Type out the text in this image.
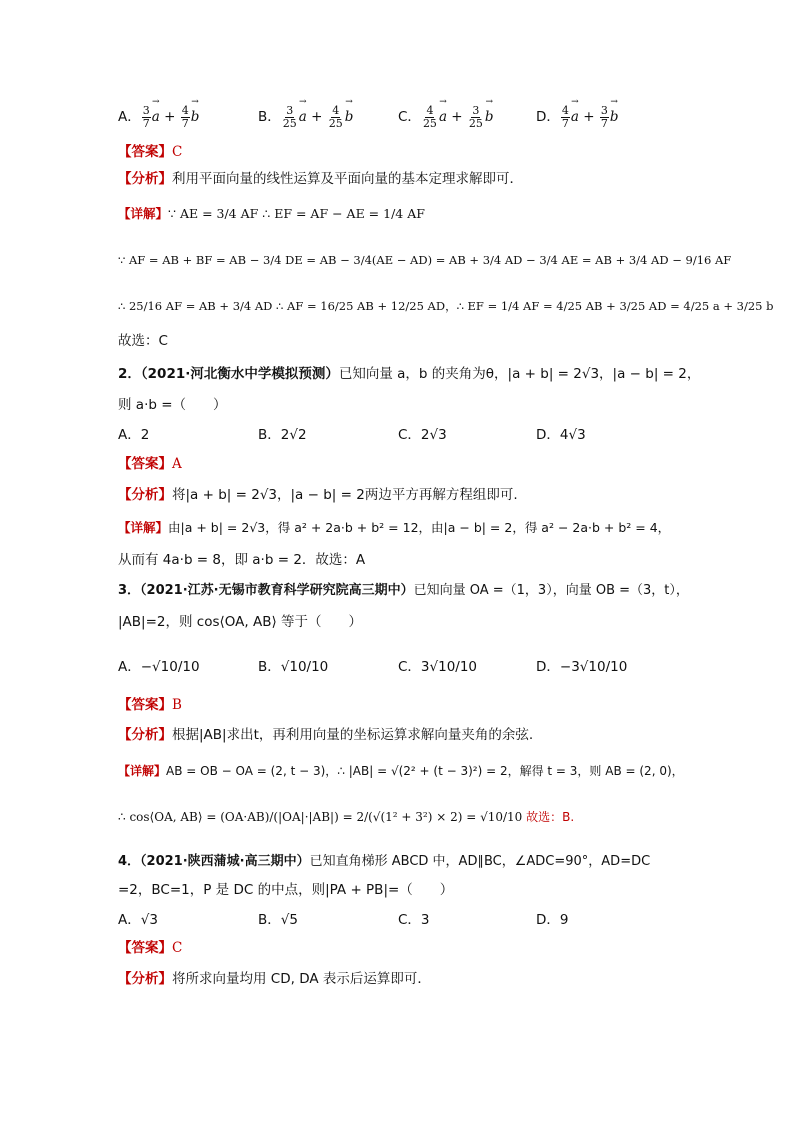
A． $\frac{3}{7}$
→ $a + \frac{4}{7}$
→ b	B． $\frac{3}{25}$
→ $a + \frac{4}{25}$
→ b	C． $\frac{4}{25}$
→ $a + \frac{3}{25}$
→ b	D． $\frac{4}{7}$
→ $a + \frac{3}{7}$
→ b
【答案】C
【分析】利用平面向量的线性运算及平面向量的基本定理求解即可．
【详解】∵ AE = 3/4 AF ∴ EF = AF − AE = 1/4 AF
∵ AF = AB + BF = AB − 3/4 DE = AB − 3/4(AE − AD) = AB + 3/4 AD − 3/4 AE = AB + 3/4 AD − 9/16 AF
∴ 25/16 AF = AB + 3/4 AD ∴ AF = 16/25 AB + 12/25 AD，∴ EF = 1/4 AF = 4/25 AB + 3/25 AD = 4/25 a + 3/25 b
故选：C
2．（2021·河北衡水中学模拟预测）已知向量 a，b 的夹角为θ，|a + b| = 2√3，|a − b| = 2，
则 a·b =（　　）
A．2	B．2√2	C．2√3	D．4√3
【答案】A
【分析】将|a + b| = 2√3，|a − b| = 2两边平方再解方程组即可.
【详解】由|a + b| = 2√3，得 a² + 2a·b + b² = 12，由|a − b| = 2，得 a² − 2a·b + b² = 4，
从而有 4a·b = 8，即 a·b = 2．故选：A
3．（2021·江苏·无锡市教育科学研究院高三期中）已知向量 OA =（1，3），向量 OB =（3，t），
|AB|=2，则 cos⟨OA, AB⟩ 等于（　　）
A．−√10/10	B．√10/10	C．3√10/10	D．−3√10/10
【答案】B
【分析】根据|AB|求出t，再利用向量的坐标运算求解向量夹角的余弦.
【详解】AB = OB − OA = (2, t − 3)，∴ |AB| = √(2² + (t − 3)²) = 2，解得 t = 3，则 AB = (2, 0)，
∴ cos⟨OA, AB⟩ = (OA·AB)/(|OA|·|AB|) = 2/(√(1² + 3²) × 2) = √10/10 故选：B.
4．（2021·陕西蒲城·高三期中）已知直角梯形 ABCD 中，AD∥BC，∠ADC=90°，AD=DC
=2，BC=1，P 是 DC 的中点，则|PA + PB|=（　　）
A．√3	B．√5	C．3	D．9
【答案】C
【分析】将所求向量均用 CD, DA 表示后运算即可．
